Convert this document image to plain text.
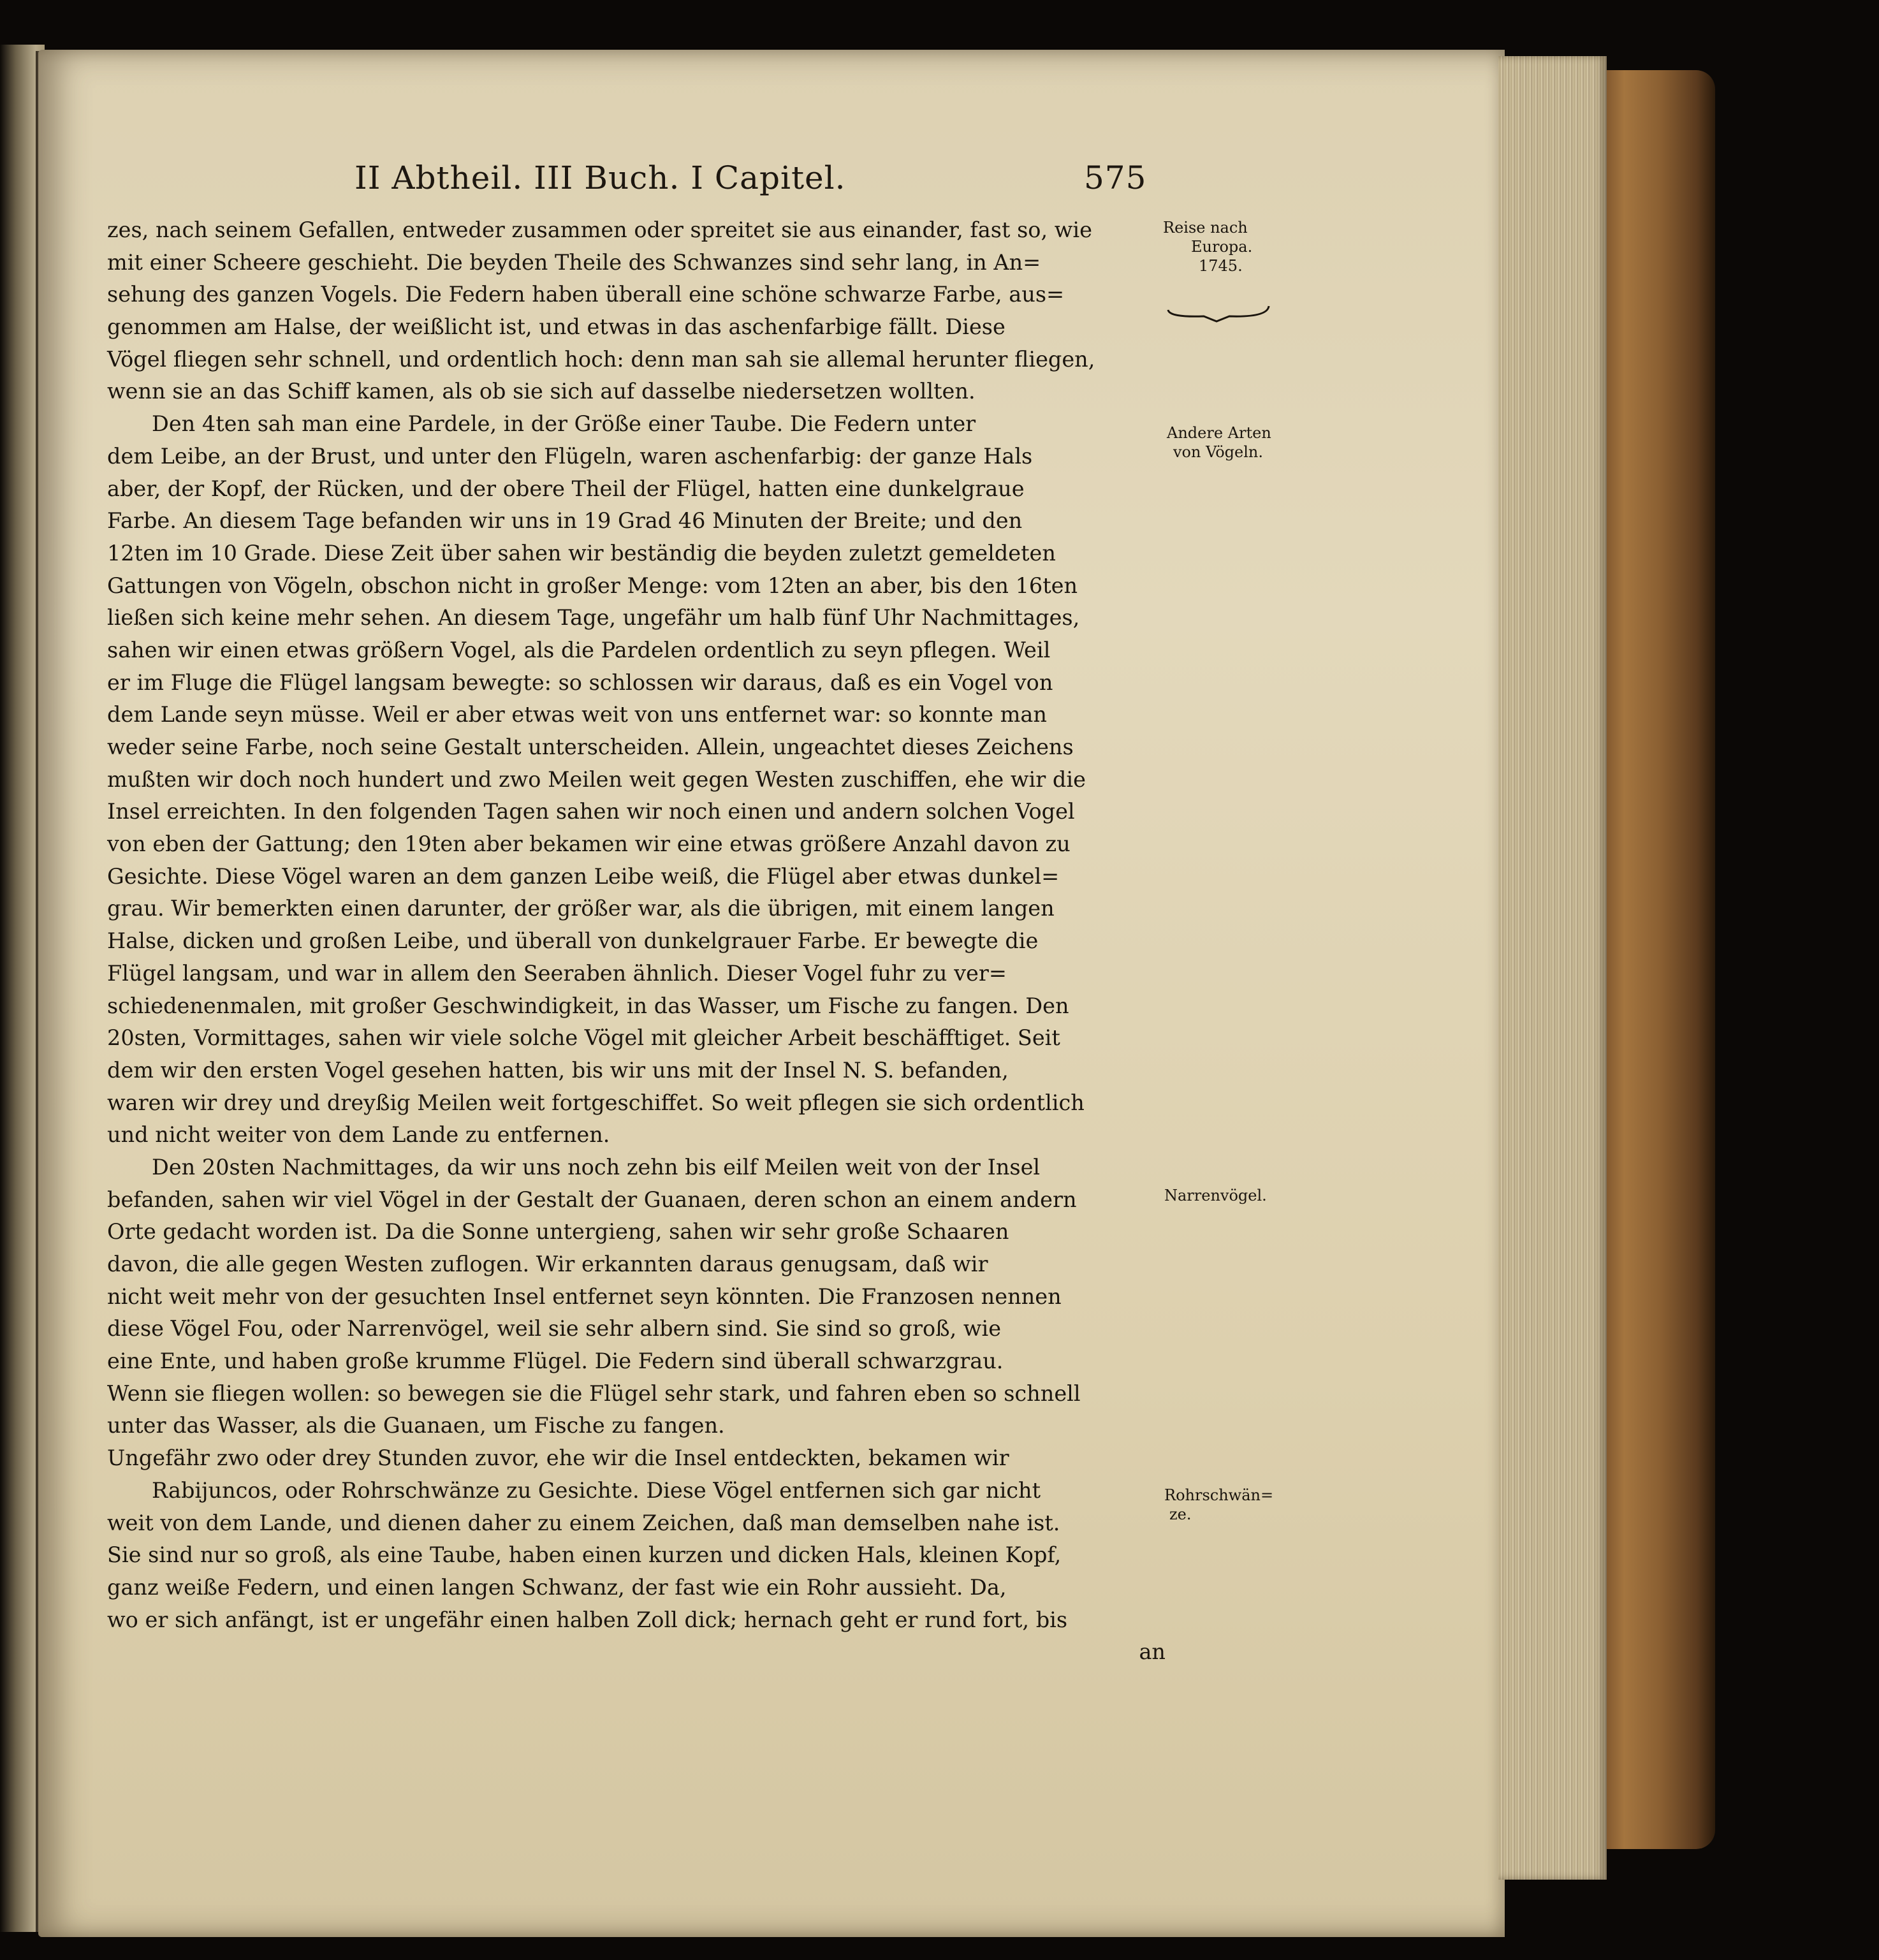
II Abtheil. III Buch. I Capitel.	575
zes, nach seinem Gefallen, entweder zusammen oder spreitet sie aus einander, fast so, wie
mit einer Scheere geschieht. Die beyden Theile des Schwanzes sind sehr lang, in An=
sehung des ganzen Vogels. Die Federn haben überall eine schöne schwarze Farbe, aus=
genommen am Halse, der weißlicht ist, und etwas in das aschenfarbige fällt. Diese
Vögel fliegen sehr schnell, und ordentlich hoch: denn man sah sie allemal herunter fliegen,
wenn sie an das Schiff kamen, als ob sie sich auf dasselbe niedersetzen wollten.
Den 4ten sah man eine Pardele, in der Größe einer Taube. Die Federn unter
dem Leibe, an der Brust, und unter den Flügeln, waren aschenfarbig: der ganze Hals
aber, der Kopf, der Rücken, und der obere Theil der Flügel, hatten eine dunkelgraue
Farbe. An diesem Tage befanden wir uns in 19 Grad 46 Minuten der Breite; und den
12ten im 10 Grade. Diese Zeit über sahen wir beständig die beyden zuletzt gemeldeten
Gattungen von Vögeln, obschon nicht in großer Menge: vom 12ten an aber, bis den 16ten
ließen sich keine mehr sehen. An diesem Tage, ungefähr um halb fünf Uhr Nachmittages,
sahen wir einen etwas größern Vogel, als die Pardelen ordentlich zu seyn pflegen. Weil
er im Fluge die Flügel langsam bewegte: so schlossen wir daraus, daß es ein Vogel von
dem Lande seyn müsse. Weil er aber etwas weit von uns entfernet war: so konnte man
weder seine Farbe, noch seine Gestalt unterscheiden. Allein, ungeachtet dieses Zeichens
mußten wir doch noch hundert und zwo Meilen weit gegen Westen zuschiffen, ehe wir die
Insel erreichten. In den folgenden Tagen sahen wir noch einen und andern solchen Vogel
von eben der Gattung; den 19ten aber bekamen wir eine etwas größere Anzahl davon zu
Gesichte. Diese Vögel waren an dem ganzen Leibe weiß, die Flügel aber etwas dunkel=
grau. Wir bemerkten einen darunter, der größer war, als die übrigen, mit einem langen
Halse, dicken und großen Leibe, und überall von dunkelgrauer Farbe. Er bewegte die
Flügel langsam, und war in allem den Seeraben ähnlich. Dieser Vogel fuhr zu ver=
schiedenenmalen, mit großer Geschwindigkeit, in das Wasser, um Fische zu fangen. Den
20sten, Vormittages, sahen wir viele solche Vögel mit gleicher Arbeit beschäfftiget. Seit
dem wir den ersten Vogel gesehen hatten, bis wir uns mit der Insel N. S. befanden,
waren wir drey und dreyßig Meilen weit fortgeschiffet. So weit pflegen sie sich ordentlich
und nicht weiter von dem Lande zu entfernen.
Den 20sten Nachmittages, da wir uns noch zehn bis eilf Meilen weit von der Insel
befanden, sahen wir viel Vögel in der Gestalt der Guanaen, deren schon an einem andern
Orte gedacht worden ist. Da die Sonne untergieng, sahen wir sehr große Schaaren
davon, die alle gegen Westen zuflogen. Wir erkannten daraus genugsam, daß wir
nicht weit mehr von der gesuchten Insel entfernet seyn könnten. Die Franzosen nennen
diese Vögel Fou, oder Narrenvögel, weil sie sehr albern sind. Sie sind so groß, wie
eine Ente, und haben große krumme Flügel. Die Federn sind überall schwarzgrau.
Wenn sie fliegen wollen: so bewegen sie die Flügel sehr stark, und fahren eben so schnell
unter das Wasser, als die Guanaen, um Fische zu fangen.
Ungefähr zwo oder drey Stunden zuvor, ehe wir die Insel entdeckten, bekamen wir
Rabijuncos, oder Rohrschwänze zu Gesichte. Diese Vögel entfernen sich gar nicht
weit von dem Lande, und dienen daher zu einem Zeichen, daß man demselben nahe ist.
Sie sind nur so groß, als eine Taube, haben einen kurzen und dicken Hals, kleinen Kopf,
ganz weiße Federn, und einen langen Schwanz, der fast wie ein Rohr aussieht. Da,
wo er sich anfängt, ist er ungefähr einen halben Zoll dick; hernach geht er rund fort, bis
an
Reise nach
Europa.
1745.
Andere Arten
von Vögeln.
Narrenvögel.
Rohrschwän=
ze.
